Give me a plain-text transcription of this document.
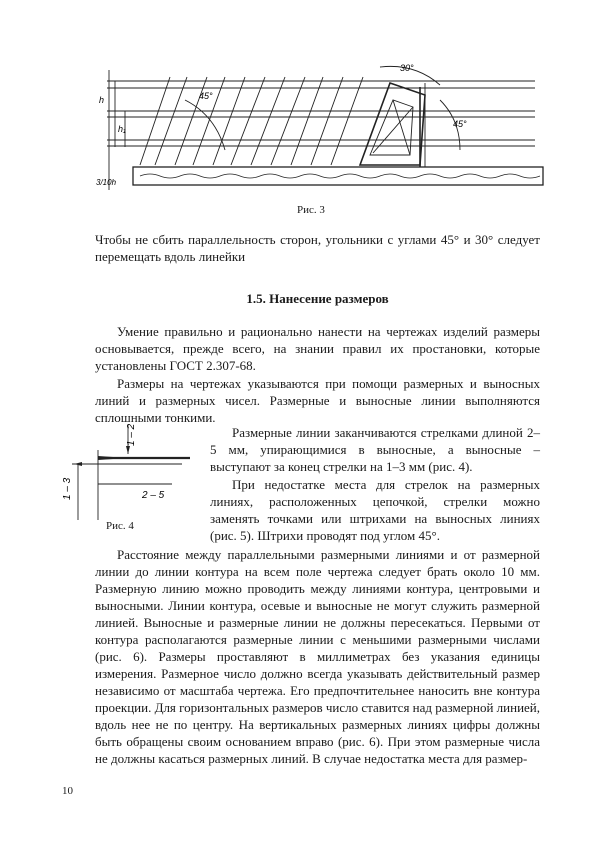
h
h₁
3/10h
45°
30°
45°
Рис. 3
Чтобы не сбить параллельность сторон, угольники с углами 45° и 30° следует перемещать вдоль линейки
1.5. Нанесение размеров
Умение правильно и рационально нанести на чертежах изделий размеры основывается, прежде всего, на знании правил их простановки, которые установлены ГОСТ 2.307-68.
Размеры на чертежах указываются при помощи размерных и выносных линий и размерных чисел. Размерные и выносные линии выполняются сплошными тонкими.
1 – 2
1 – 3	2 – 5
Рис. 4
Размерные линии заканчиваются стрелками длиной 2–5 мм, упирающимися в выносные, а выносные – выступают за конец стрелки на 1–3 мм (рис. 4).
При недостатке места для стрелок на размерных линиях, расположенных цепочкой, стрелки можно заменять точками или штрихами на выносных линиях (рис. 5). Штрихи проводят под углом 45°.
Расстояние между параллельными размерными линиями и от размерной линии до линии контура на всем поле чертежа следует брать около 10 мм. Размерную линию можно проводить между линиями контура, центровыми и выносными. Линии контура, осевые и выносные не могут служить размерной линией. Выносные и размерные линии не должны пересекаться. Первыми от контура располагаются размерные линии с меньшими размерными числами (рис. 6). Размеры проставляют в миллиметрах без указания единицы измерения. Размерное число должно всегда указывать действительный размер независимо от масштаба чертежа. Его предпочтительнее наносить вне контура проекции. Для горизонтальных размеров число ставится над размерной линией, вдоль нее не по центру. На вертикальных размерных линиях цифры должны быть обращены своим основанием вправо (рис. 6). При этом размерные числа не должны касаться размерных линий. В случае недостатка места для размер-
10
